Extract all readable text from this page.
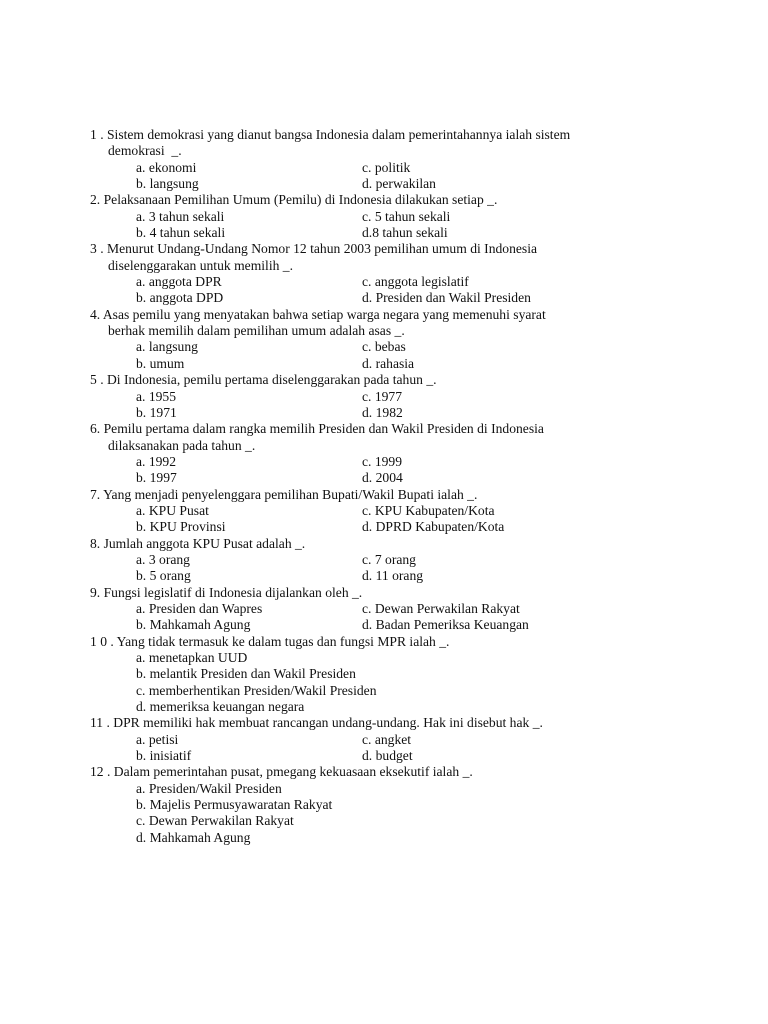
1 . Sistem demokrasi yang dianut bangsa Indonesia dalam pemerintahannya ialah sistem
demokrasi  _.
a. ekonomi	c. politik
b. langsung	d. perwakilan
2. Pelaksanaan Pemilihan Umum (Pemilu) di Indonesia dilakukan setiap _.
a. 3 tahun sekali	c. 5 tahun sekali
b. 4 tahun sekali	d.8 tahun sekali
3 . Menurut Undang-Undang Nomor 12 tahun 2003 pemilihan umum di Indonesia
diselenggarakan untuk memilih _.
a. anggota DPR	c. anggota legislatif
b. anggota DPD	d. Presiden dan Wakil Presiden
4. Asas pemilu yang menyatakan bahwa setiap warga negara yang memenuhi syarat
berhak memilih dalam pemilihan umum adalah asas _.
a. langsung	c. bebas
b. umum	d. rahasia
5 . Di Indonesia, pemilu pertama diselenggarakan pada tahun _.
a. 1955	c. 1977
b. 1971	d. 1982
6. Pemilu pertama dalam rangka memilih Presiden dan Wakil Presiden di Indonesia
dilaksanakan pada tahun _.
a. 1992	c. 1999
b. 1997	d. 2004
7. Yang menjadi penyelenggara pemilihan Bupati/Wakil Bupati ialah _.
a. KPU Pusat	c. KPU Kabupaten/Kota
b. KPU Provinsi	d. DPRD Kabupaten/Kota
8. Jumlah anggota KPU Pusat adalah _.
a. 3 orang	c. 7 orang
b. 5 orang	d. 11 orang
9. Fungsi legislatif di Indonesia dijalankan oleh _.
a. Presiden dan Wapres	c. Dewan Perwakilan Rakyat
b. Mahkamah Agung	d. Badan Pemeriksa Keuangan
1 0 . Yang tidak termasuk ke dalam tugas dan fungsi MPR ialah _.
a. menetapkan UUD
b. melantik Presiden dan Wakil Presiden
c. memberhentikan Presiden/Wakil Presiden
d. memeriksa keuangan negara
11 . DPR memiliki hak membuat rancangan undang-undang. Hak ini disebut hak _.
a. petisi	c. angket
b. inisiatif	d. budget
12 . Dalam pemerintahan pusat, pmegang kekuasaan eksekutif ialah _.
a. Presiden/Wakil Presiden
b. Majelis Permusyawaratan Rakyat
c. Dewan Perwakilan Rakyat
d. Mahkamah Agung
